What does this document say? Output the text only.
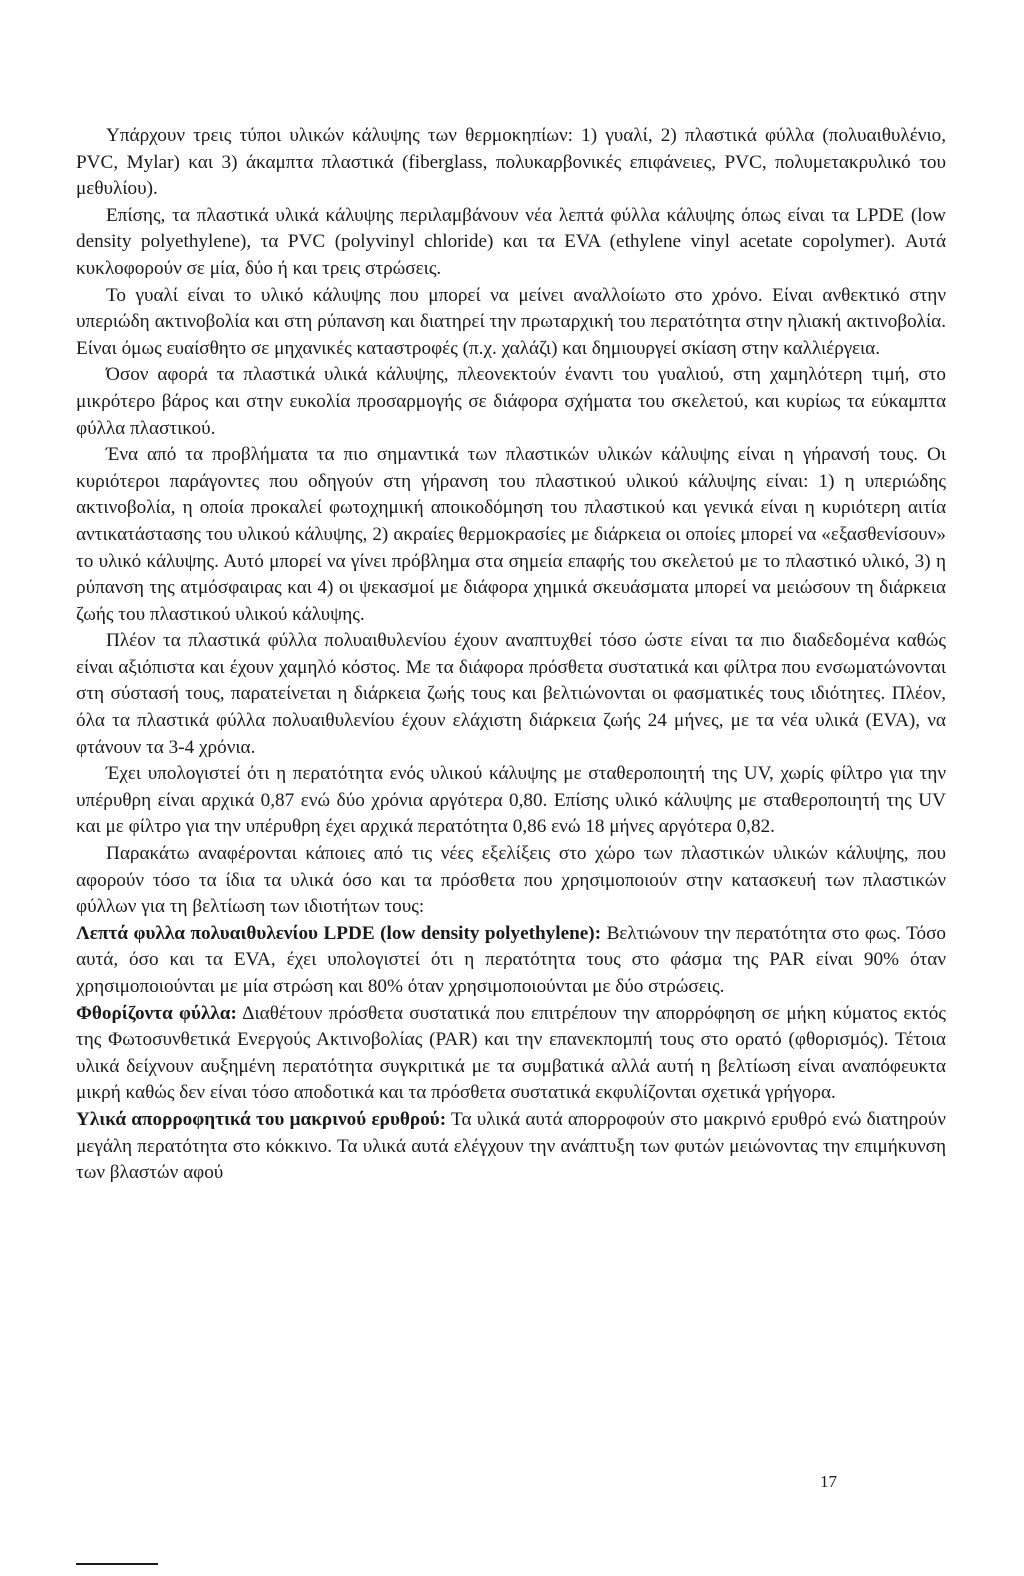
Υπάρχουν τρεις τύποι υλικών κάλυψης των θερμοκηπίων: 1) γυαλί, 2) πλαστικά φύλλα (πολυαιθυλένιο, PVC, Mylar) και 3) άκαμπτα πλαστικά (fiberglass, πολυκαρβονικές επιφάνειες, PVC, πολυμετακρυλικό του μεθυλίου).

Επίσης, τα πλαστικά υλικά κάλυψης περιλαμβάνουν νέα λεπτά φύλλα κάλυψης όπως είναι τα LPDE (low density polyethylene), τα PVC (polyvinyl chloride) και τα EVA (ethylene vinyl acetate copolymer). Αυτά κυκλοφορούν σε μία, δύο ή και τρεις στρώσεις.

Το γυαλί είναι το υλικό κάλυψης που μπορεί να μείνει αναλλοίωτο στο χρόνο. Είναι ανθεκτικό στην υπεριώδη ακτινοβολία και στη ρύπανση και διατηρεί την πρωταρχική του περατότητα στην ηλιακή ακτινοβολία. Είναι όμως ευαίσθητο σε μηχανικές καταστροφές (π.χ. χαλάζι) και δημιουργεί σκίαση στην καλλιέργεια.

Όσον αφορά τα πλαστικά υλικά κάλυψης, πλεονεκτούν έναντι του γυαλιού, στη χαμηλότερη τιμή, στο μικρότερο βάρος και στην ευκολία προσαρμογής σε διάφορα σχήματα του σκελετού, και κυρίως τα εύκαμπτα φύλλα πλαστικού.

Ένα από τα προβλήματα τα πιο σημαντικά των πλαστικών υλικών κάλυψης είναι η γήρανσή τους. Οι κυριότεροι παράγοντες που οδηγούν στη γήρανση του πλαστικού υλικού κάλυψης είναι: 1) η υπεριώδης ακτινοβολία, η οποία προκαλεί φωτοχημική αποικοδόμηση του πλαστικού και γενικά είναι η κυριότερη αιτία αντικατάστασης του υλικού κάλυψης, 2) ακραίες θερμοκρασίες με διάρκεια οι οποίες μπορεί να «εξασθενίσουν» το υλικό κάλυψης. Αυτό μπορεί να γίνει πρόβλημα στα σημεία επαφής του σκελετού με το πλαστικό υλικό, 3) η ρύπανση της ατμόσφαιρας και 4) οι ψεκασμοί με διάφορα χημικά σκευάσματα μπορεί να μειώσουν τη διάρκεια ζωής του πλαστικού υλικού κάλυψης.

Πλέον τα πλαστικά φύλλα πολυαιθυλενίου έχουν αναπτυχθεί τόσο ώστε είναι τα πιο διαδεδομένα καθώς είναι αξιόπιστα και έχουν χαμηλό κόστος. Με τα διάφορα πρόσθετα συστατικά και φίλτρα που ενσωματώνονται στη σύστασή τους, παρατείνεται η διάρκεια ζωής τους και βελτιώνονται οι φασματικές τους ιδιότητες. Πλέον, όλα τα πλαστικά φύλλα πολυαιθυλενίου έχουν ελάχιστη διάρκεια ζωής 24 μήνες, με τα νέα υλικά (EVA), να φτάνουν τα 3-4 χρόνια.

Έχει υπολογιστεί ότι η περατότητα ενός υλικού κάλυψης με σταθεροποιητή της UV, χωρίς φίλτρο για την υπέρυθρη είναι αρχικά 0,87 ενώ δύο χρόνια αργότερα 0,80. Επίσης υλικό κάλυψης με σταθεροποιητή της UV και με φίλτρο για την υπέρυθρη έχει αρχικά περατότητα 0,86 ενώ 18 μήνες αργότερα 0,82.

Παρακάτω αναφέρονται κάποιες από τις νέες εξελίξεις στο χώρο των πλαστικών υλικών κάλυψης, που αφορούν τόσο τα ίδια τα υλικά όσο και τα πρόσθετα που χρησιμοποιούν στην κατασκευή των πλαστικών φύλλων για τη βελτίωση των ιδιοτήτων τους:

Λεπτά φυλλα πολυαιθυλενίου LPDE (low density polyethylene): Βελτιώνουν την περατότητα στο φως. Τόσο αυτά, όσο και τα EVA, έχει υπολογιστεί ότι η περατότητα τους στο φάσμα της PAR είναι 90% όταν χρησιμοποιούνται με μία στρώση και 80% όταν χρησιμοποιούνται με δύο στρώσεις.

Φθορίζοντα φύλλα: Διαθέτουν πρόσθετα συστατικά που επιτρέπουν την απορρόφηση σε μήκη κύματος εκτός της Φωτοσυνθετικά Ενεργούς Ακτινοβολίας (PAR) και την επανεκπομπή τους στο ορατό (φθορισμός). Τέτοια υλικά δείχνουν αυξημένη περατότητα συγκριτικά με τα συμβατικά αλλά αυτή η βελτίωση είναι αναπόφευκτα μικρή καθώς δεν είναι τόσο αποδοτικά και τα πρόσθετα συστατικά εκφυλίζονται σχετικά γρήγορα.

Υλικά απορροφητικά του μακρινού ερυθρού: Τα υλικά αυτά απορροφούν στο μακρινό ερυθρό ενώ διατηρούν μεγάλη περατότητα στο κόκκινο. Τα υλικά αυτά ελέγχουν την ανάπτυξη των φυτών μειώνοντας την επιμήκυνση των βλαστών αφού

17
